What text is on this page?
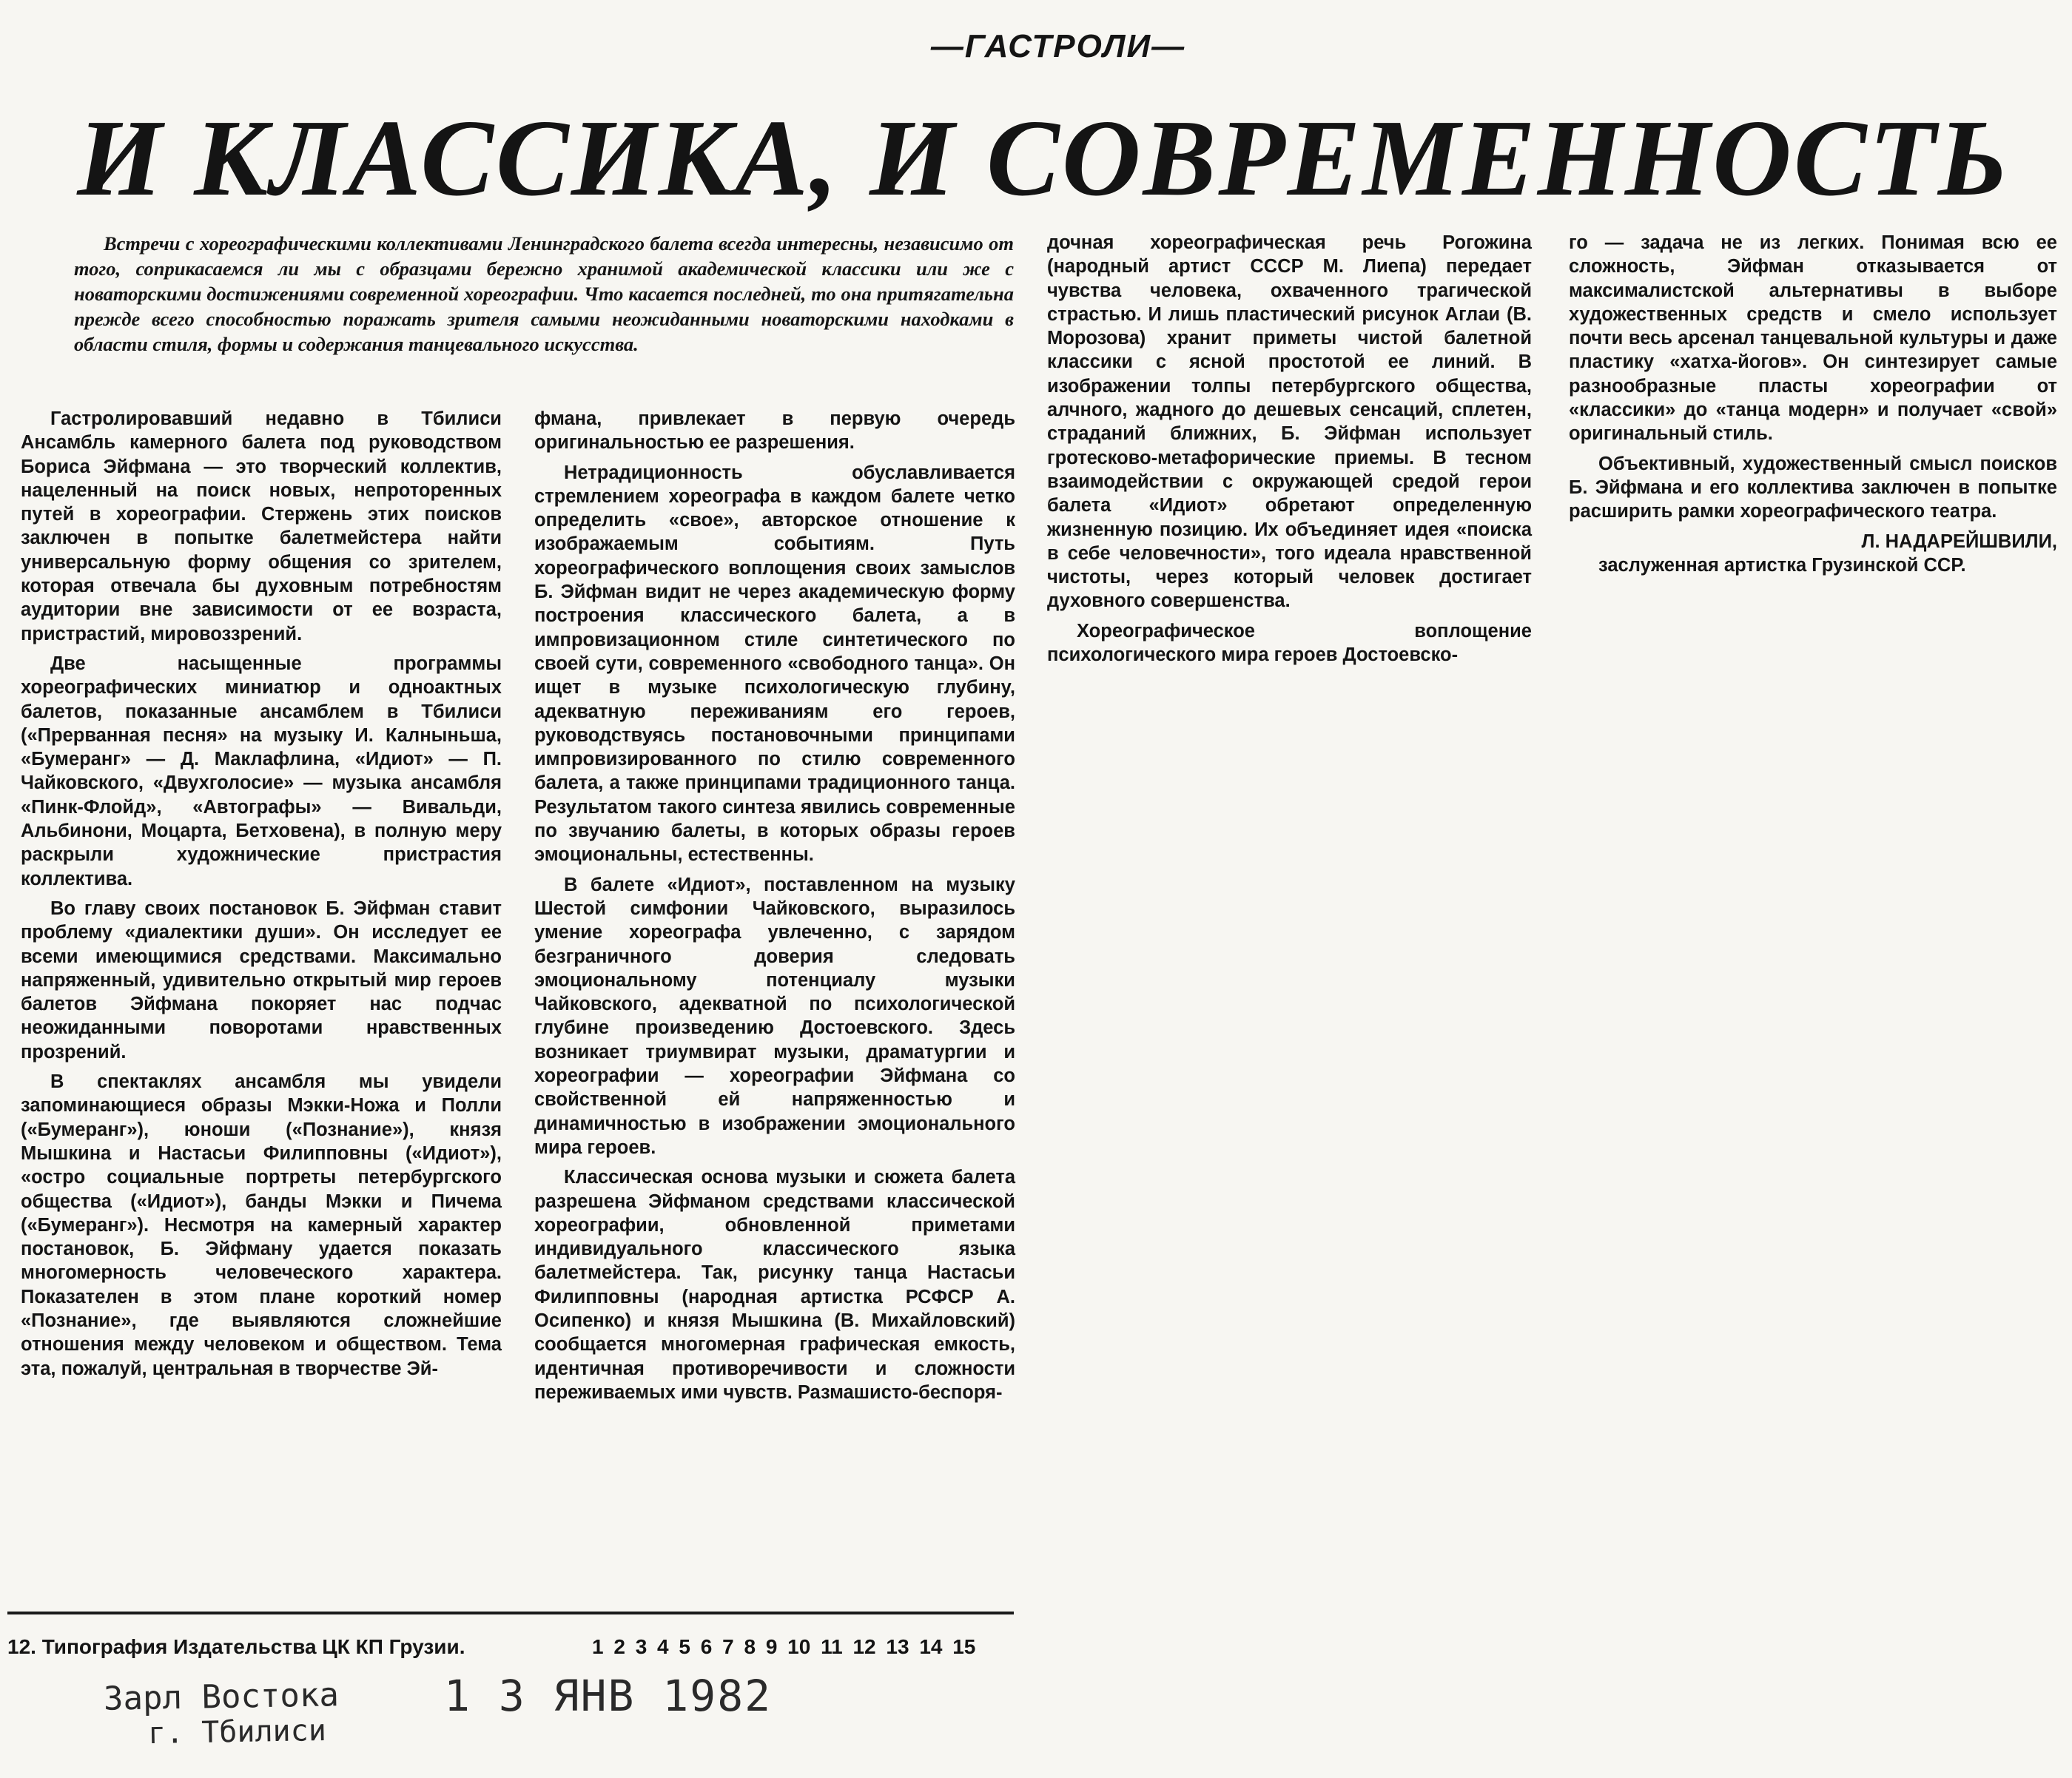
—ГАСТРОЛИ—
И КЛАССИКА, И СОВРЕМЕННОСТЬ

Встречи с хореографическими коллективами Ленинградского балета всегда интересны, независимо от того, соприкасаемся ли мы с образцами бережно хранимой академической классики или же с новаторскими достижениями современной хореографии. Что касается последней, то она притягательна прежде всего способностью поражать зрителя самыми неожиданными новаторскими находками в области стиля, формы и содержания танцевального искусства.

Гастролировавший недавно в Тбилиси Ансамбль камерного балета под руководством Бориса Эйфмана — это творческий коллектив, нацеленный на поиск новых, непроторенных путей в хореографии. Стержень этих поисков заключен в попытке балетмейстера найти универсальную форму общения со зрителем, которая отвечала бы духовным потребностям аудитории вне зависимости от ее возраста, пристрастий, мировоззрений.

Две насыщенные программы хореографических миниатюр и одноактных балетов, показанные ансамблем в Тбилиси («Прерванная песня» на музыку И. Калныньша, «Бумеранг» — Д. Маклафлина, «Идиот» — П. Чайковского, «Двухголосие» — музыка ансамбля «Пинк-Флойд», «Автографы» — Вивальди, Альбинони, Моцарта, Бетховена), в полную меру раскрыли художнические пристрастия коллектива.

Во главу своих постановок Б. Эйфман ставит проблему «диалектики души». Он исследует ее всеми имеющимися средствами. Максимально напряженный, удивительно открытый мир героев балетов Эйфмана покоряет нас подчас неожиданными поворотами нравственных прозрений.

В спектаклях ансамбля мы увидели запоминающиеся образы Мэкки-Ножа и Полли («Бумеранг»), юноши («Познание»), князя Мышкина и Настасьи Филипповны («Идиот»), «остро социальные портреты петербургского общества («Идиот»), банды Мэкки и Пичема («Бумеранг»). Несмотря на камерный характер постановок, Б. Эйфману удается показать многомерность человеческого характера. Показателен в этом плане короткий номер «Познание», где выявляются сложнейшие отношения между человеком и обществом. Тема эта, пожалуй, центральная в творчестве Эй-

фмана, привлекает в первую очередь оригинальностью ее разрешения.

Нетрадиционность обуславливается стремлением хореографа в каждом балете четко определить «свое», авторское отношение к изображаемым событиям. Путь хореографического воплощения своих замыслов Б. Эйфман видит не через академическую форму построения классического балета, а в импровизационном стиле синтетического по своей сути, современного «свободного танца». Он ищет в музыке психологическую глубину, адекватную переживаниям его героев, руководствуясь постановочными принципами импровизированного по стилю современного балета, а также принципами традиционного танца. Результатом такого синтеза явились современные по звучанию балеты, в которых образы героев эмоциональны, естественны.

В балете «Идиот», поставленном на музыку Шестой симфонии Чайковского, выразилось умение хореографа увлеченно, с зарядом безграничного доверия следовать эмоциональному потенциалу музыки Чайковского, адекватной по психологической глубине произведению Достоевского. Здесь возникает триумвират музыки, драматургии и хореографии — хореографии Эйфмана со свойственной ей напряженностью и динамичностью в изображении эмоционального мира героев.

Классическая основа музыки и сюжета балета разрешена Эйфманом средствами классической хореографии, обновленной приметами индивидуального классического языка балетмейстера. Так, рисунку танца Настасьи Филипповны (народная артистка РСФСР А. Осипенко) и князя Мышкина (В. Михайловский) сообщается многомерная графическая емкость, идентичная противоречивости и сложности переживаемых ими чувств. Размашисто-беспоря-

дочная хореографическая речь Рогожина (народный артист СССР М. Лиепа) передает чувства человека, охваченного трагической страстью. И лишь пластический рисунок Аглаи (В. Морозова) хранит приметы чистой балетной классики с ясной простотой ее линий. В изображении толпы петербургского общества, алчного, жадного до дешевых сенсаций, сплетен, страданий ближних, Б. Эйфман использует гротесково-метафорические приемы. В тесном взаимодействии с окружающей средой герои балета «Идиот» обретают определенную жизненную позицию. Их объединяет идея «поиска в себе человечности», того идеала нравственной чистоты, через который человек достигает духовного совершенства.

Хореографическое воплощение психологического мира героев Достоевско-

го — задача не из легких. Понимая всю ее сложность, Эйфман отказывается от максималистской альтернативы в выборе художественных средств и смело использует почти весь арсенал танцевальной культуры и даже пластику «хатха-йогов». Он синтезирует самые разнообразные пласты хореографии от «классики» до «танца модерн» и получает «свой» оригинальный стиль.

Объективный, художественный смысл поисков Б. Эйфмана и его коллектива заключен в попытке расширить рамки хореографического театра.

Л. НАДАРЕЙШВИЛИ,
заслуженная артистка Грузинской ССР.
12. Типография Издательства ЦК КП Грузии.	1 2 3 4 5 6 7 8 9 10 11 12 13 14 15
Зарл Востока
г. Тбилиси
1 3 ЯНВ 1982
